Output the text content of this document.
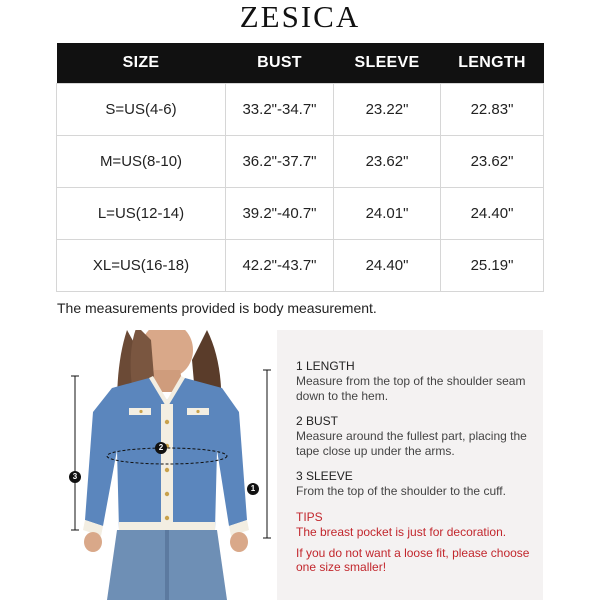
ZESICA
SIZE	BUST	SLEEVE	LENGTH
S=US(4-6)	33.2"-34.7"	23.22"	22.83"
M=US(8-10)	36.2"-37.7"	23.62"	23.62"
L=US(12-14)	39.2"-40.7"	24.01"	24.40"
XL=US(16-18)	42.2"-43.7"	24.40"	25.19"
The measurements provided is body measurement.
1
2
3
1 LENGTH
Measure from the top of the shoulder seam down to the hem.
2 BUST
Measure around the fullest part, placing the tape close up under the arms.
3 SLEEVE
From the top of the shoulder to the cuff.
TIPS
The breast pocket is just for decoration.
If you do not want a loose fit, please choose one size smaller!
